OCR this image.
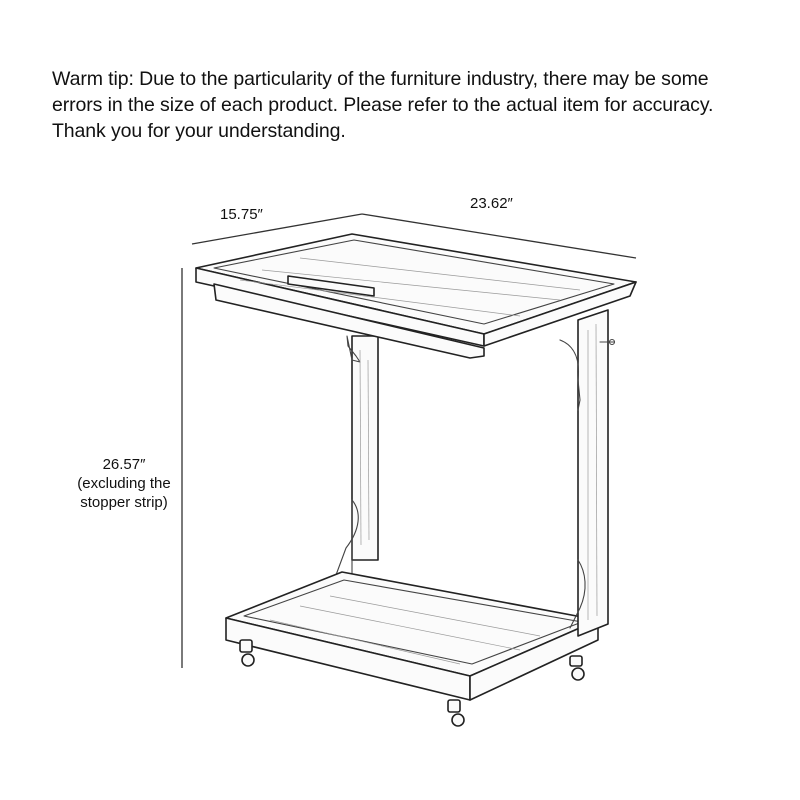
Warm tip: Due to the particularity of the furniture industry, there may be some
errors in the size of each product. Please refer to the actual item for accuracy.
Thank you for your understanding.
15.75″
23.62″
26.57″
(excluding the
stopper strip)
